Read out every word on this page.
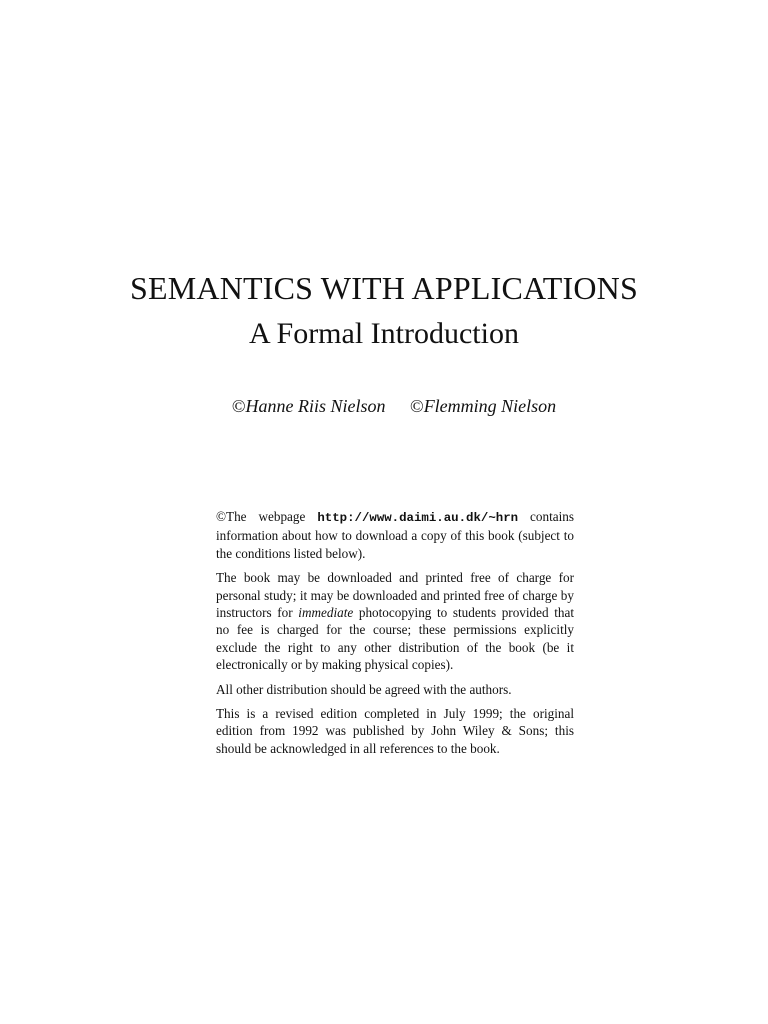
SEMANTICS WITH APPLICATIONS
A Formal Introduction
©Hanne Riis Nielson ©Flemming Nielson

©The webpage http://www.daimi.au.dk/~hrn contains information about how to download a copy of this book (subject to the conditions listed below).

The book may be downloaded and printed free of charge for personal study; it may be downloaded and printed free of charge by instructors for immediate photocopying to students provided that no fee is charged for the course; these permissions explicitly exclude the right to any other distribution of the book (be it electronically or by making physical copies).

All other distribution should be agreed with the authors.

This is a revised edition completed in July 1999; the original edition from 1992 was published by John Wiley & Sons; this should be acknowledged in all references to the book.
